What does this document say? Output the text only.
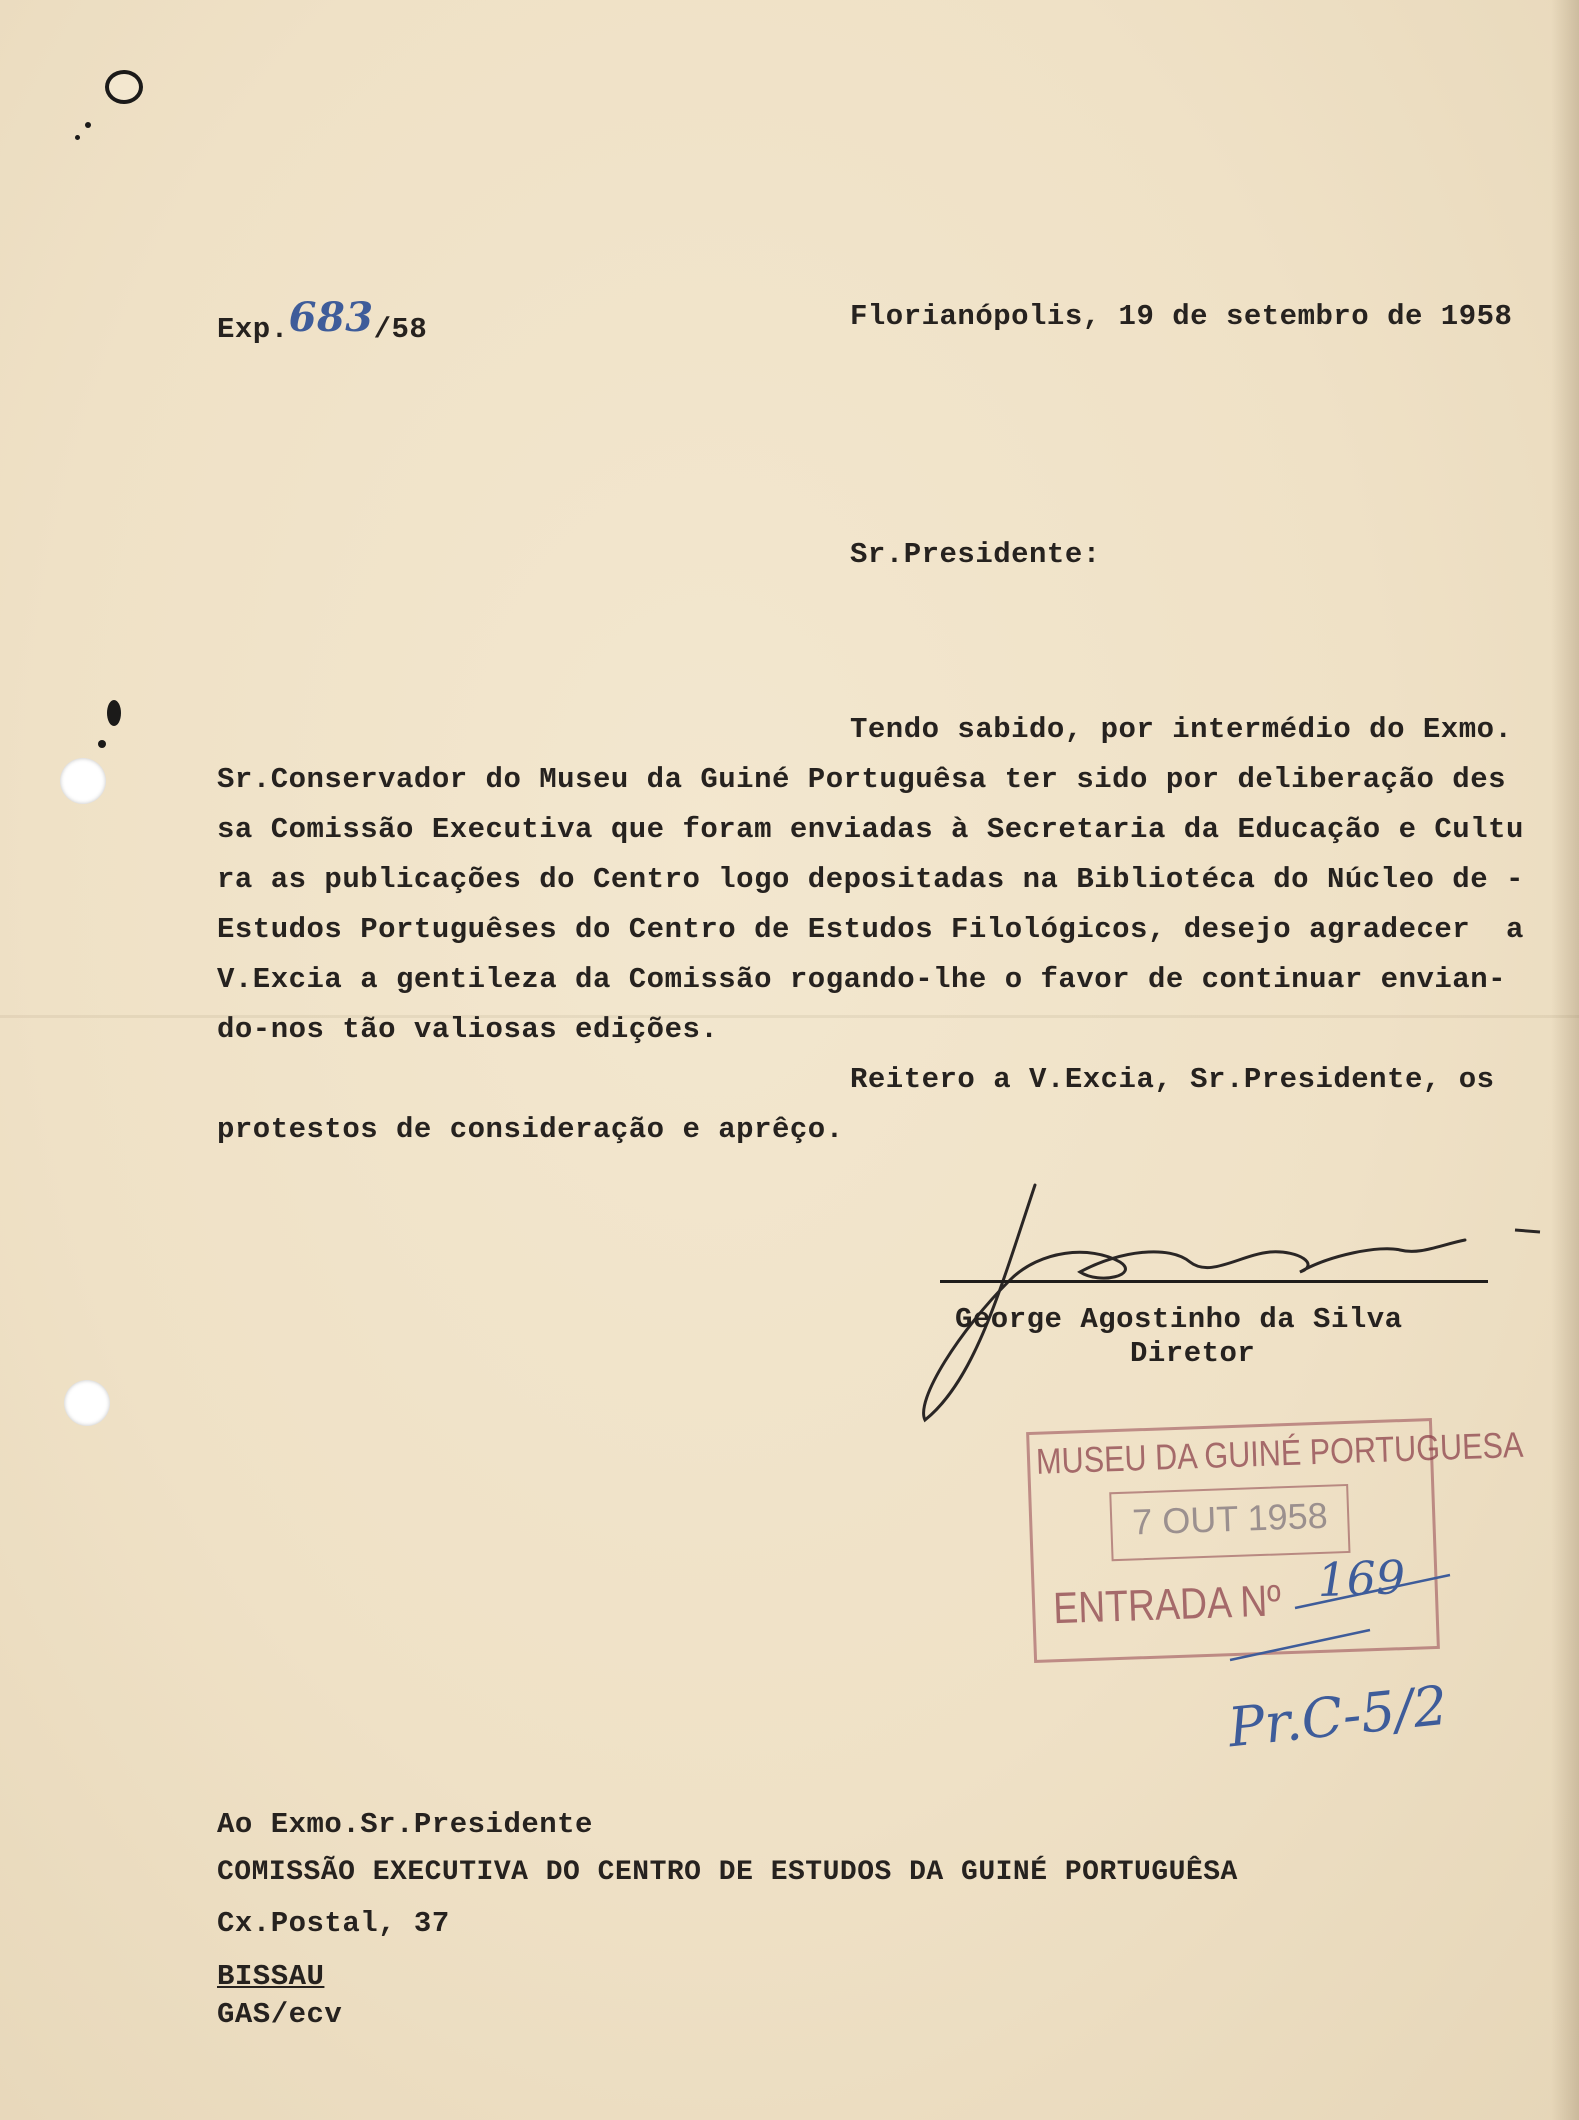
Exp.683/58	Florianópolis, 19 de setembro de 1958
Sr.Presidente:
Tendo sabido, por intermédio do Exmo.
Sr.Conservador do Museu da Guiné Portuguêsa ter sido por deliberação des
sa Comissão Executiva que foram enviadas à Secretaria da Educação e Cultu
ra as publicações do Centro logo depositadas na Bibliotéca do Núcleo de -
Estudos Portuguêses do Centro de Estudos Filológicos, desejo agradecer  a
V.Excia a gentileza da Comissão rogando-lhe o favor de continuar envian-
do-nos tão valiosas edições.
Reitero a V.Excia, Sr.Presidente, os
protestos de consideração e aprêço.
George Agostinho da Silva
Diretor
MUSEU DA GUINÉ PORTUGUESA
7 OUT 1958
ENTRADA Nº 169
Pr.C-5/2
Ao Exmo.Sr.Presidente
COMISSÃO EXECUTIVA DO CENTRO DE ESTUDOS DA GUINÉ PORTUGUÊSA
Cx.Postal, 37
BISSAU
GAS/ecv
